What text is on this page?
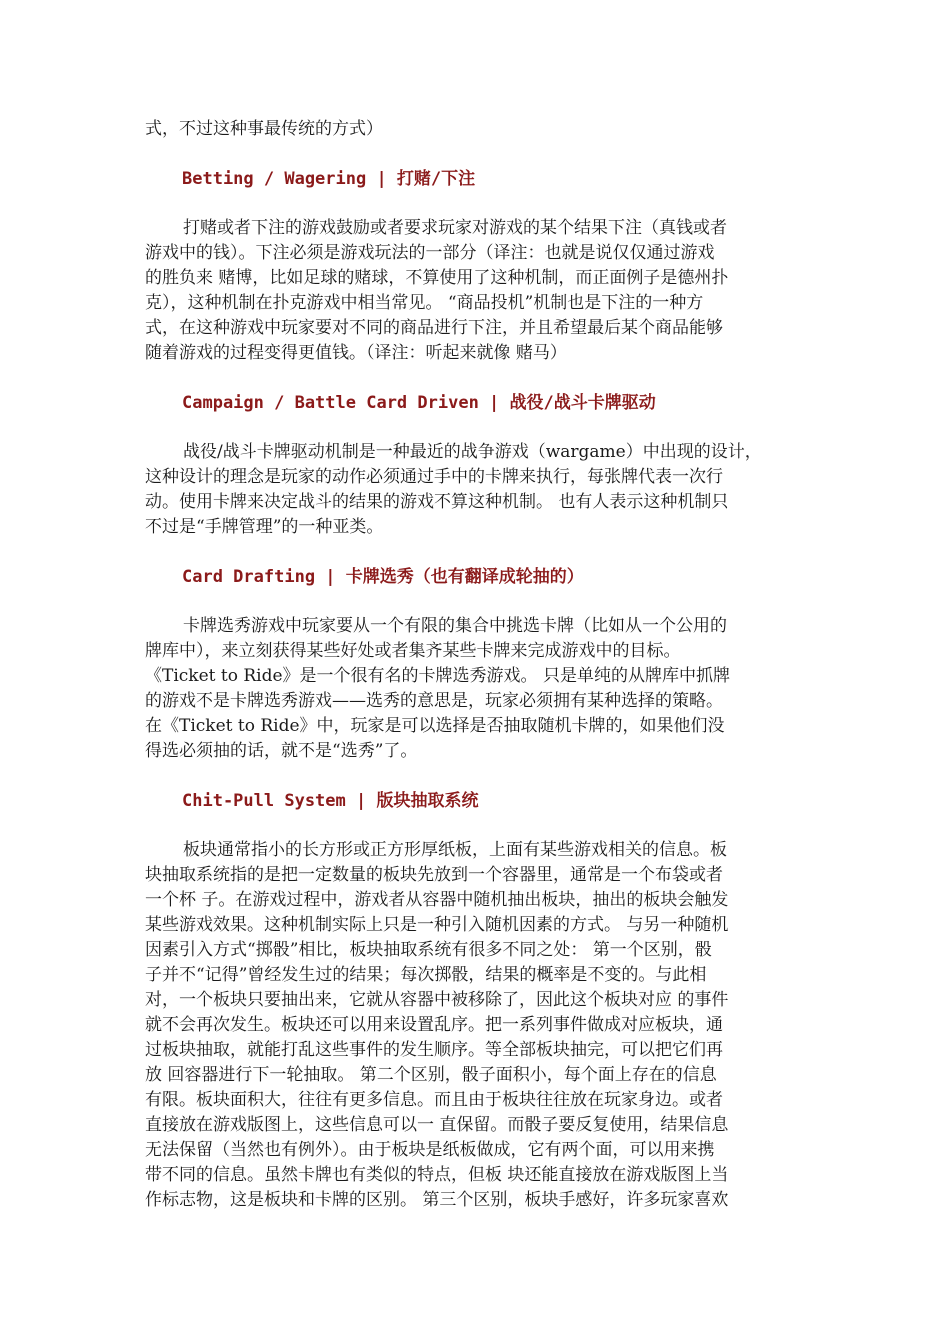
式，不过这种事最传统的方式）
Betting / Wagering | 打赌/下注
打赌或者下注的游戏鼓励或者要求玩家对游戏的某个结果下注（真钱或者
游戏中的钱）。下注必须是游戏玩法的一部分（译注：也就是说仅仅通过游戏
的胜负来 赌博，比如足球的赌球，不算使用了这种机制，而正面例子是德州扑
克），这种机制在扑克游戏中相当常见。 “商品投机”机制也是下注的一种方
式，在这种游戏中玩家要对不同的商品进行下注，并且希望最后某个商品能够
随着游戏的过程变得更值钱。（译注：听起来就像 赌马）
Campaign / Battle Card Driven | 战役/战斗卡牌驱动
战役/战斗卡牌驱动机制是一种最近的战争游戏（wargame）中出现的设计，
这种设计的理念是玩家的动作必须通过手中的卡牌来执行，每张牌代表一次行
动。使用卡牌来决定战斗的结果的游戏不算这种机制。 也有人表示这种机制只
不过是“手牌管理”的一种亚类。
Card Drafting | 卡牌选秀（也有翻译成轮抽的）
卡牌选秀游戏中玩家要从一个有限的集合中挑选卡牌（比如从一个公用的
牌库中），来立刻获得某些好处或者集齐某些卡牌来完成游戏中的目标。
《Ticket to Ride》是一个很有名的卡牌选秀游戏。 只是单纯的从牌库中抓牌
的游戏不是卡牌选秀游戏——选秀的意思是，玩家必须拥有某种选择的策略。
在《Ticket to Ride》中，玩家是可以选择是否抽取随机卡牌的，如果他们没
得选必须抽的话，就不是“选秀”了。
Chit-Pull System | 版块抽取系统
板块通常指小的长方形或正方形厚纸板，上面有某些游戏相关的信息。板
块抽取系统指的是把一定数量的板块先放到一个容器里，通常是一个布袋或者
一个杯 子。在游戏过程中，游戏者从容器中随机抽出板块，抽出的板块会触发
某些游戏效果。这种机制实际上只是一种引入随机因素的方式。 与另一种随机
因素引入方式“掷骰”相比，板块抽取系统有很多不同之处： 第一个区别，骰
子并不“记得”曾经发生过的结果；每次掷骰，结果的概率是不变的。与此相
对，一个板块只要抽出来，它就从容器中被移除了，因此这个板块对应 的事件
就不会再次发生。板块还可以用来设置乱序。把一系列事件做成对应板块，通
过板块抽取，就能打乱这些事件的发生顺序。等全部板块抽完，可以把它们再
放 回容器进行下一轮抽取。 第二个区别，骰子面积小，每个面上存在的信息
有限。板块面积大，往往有更多信息。而且由于板块往往放在玩家身边。或者
直接放在游戏版图上，这些信息可以一 直保留。而骰子要反复使用，结果信息
无法保留（当然也有例外）。由于板块是纸板做成，它有两个面，可以用来携
带不同的信息。虽然卡牌也有类似的特点，但板 块还能直接放在游戏版图上当
作标志物，这是板块和卡牌的区别。 第三个区别，板块手感好，许多玩家喜欢
